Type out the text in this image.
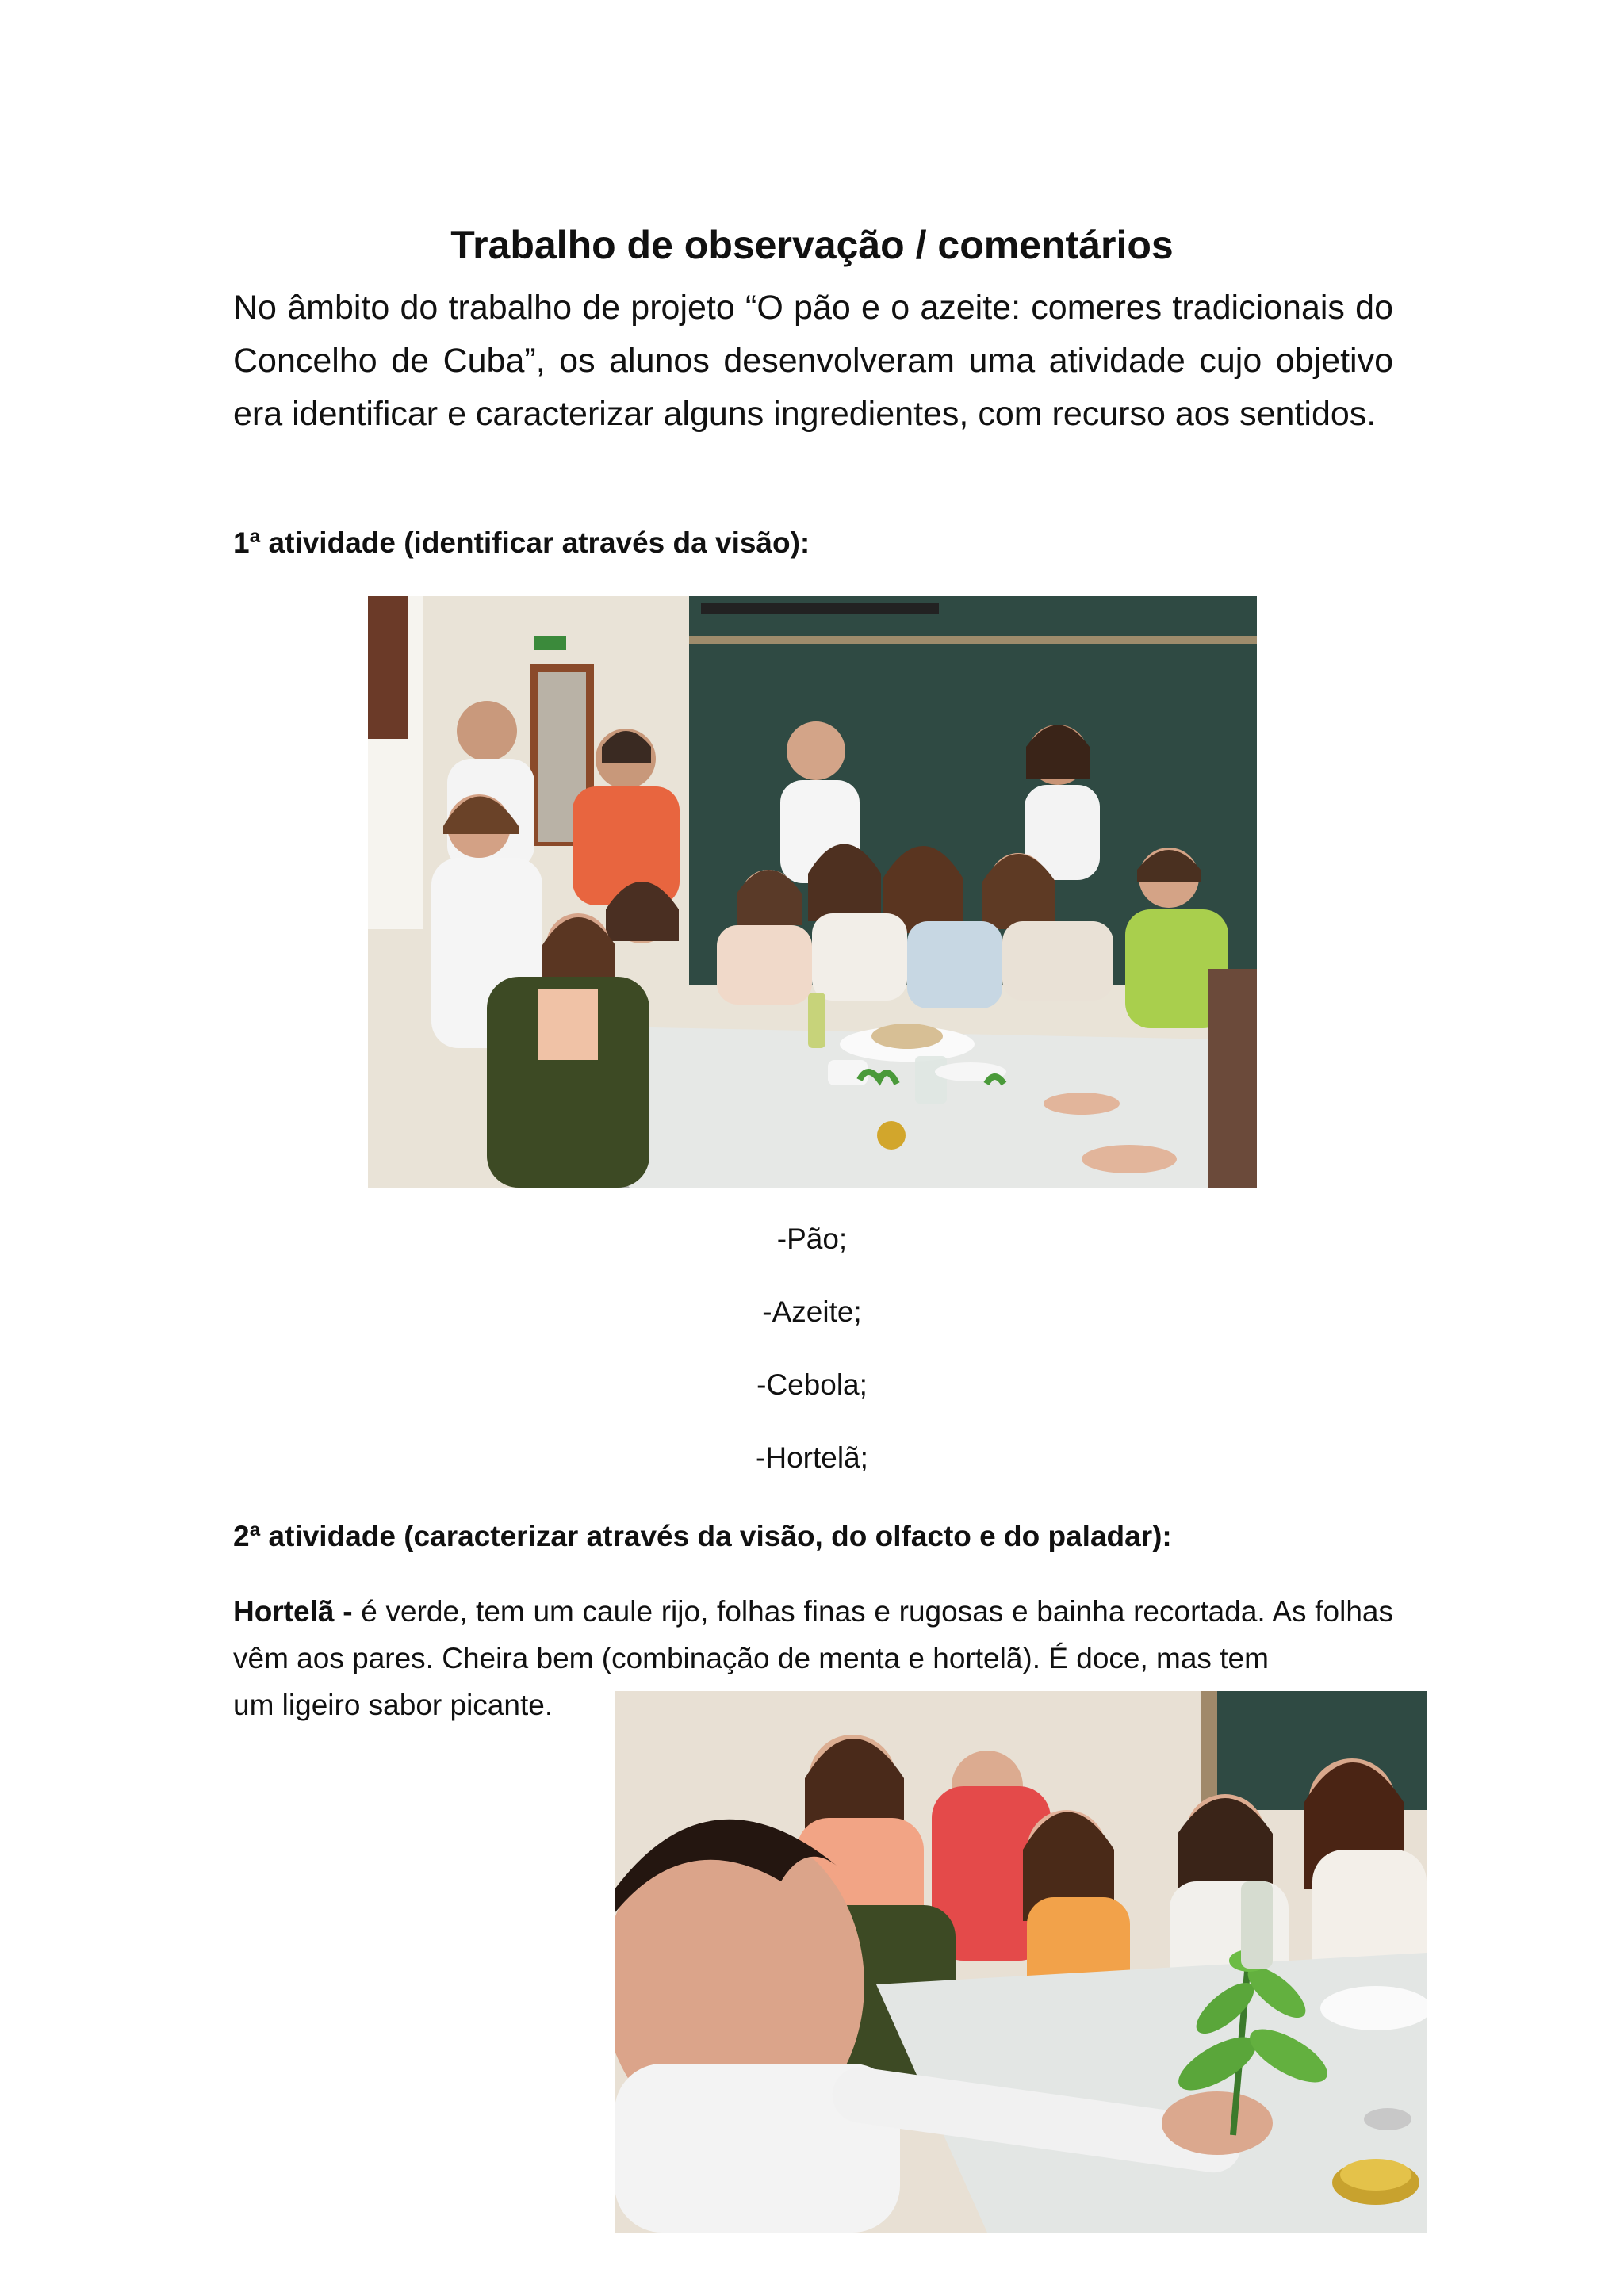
Trabalho de observação / comentários

No âmbito do trabalho de projeto “O pão e o azeite: comeres tradicionais do Concelho de Cuba”, os alunos desenvolveram uma atividade cujo objetivo era identificar e caracterizar alguns ingredientes, com recurso aos sentidos.

1ª atividade (identificar através da visão):

-Pão;
-Azeite;
-Cebola;
-Hortelã;

2ª atividade (caracterizar através da visão, do olfacto e do paladar):

Hortelã - é verde, tem um caule rijo, folhas finas e rugosas e bainha recortada. As folhas vêm aos pares. Cheira bem (combinação de menta e hortelã). É doce, mas tem
um ligeiro sabor picante.
